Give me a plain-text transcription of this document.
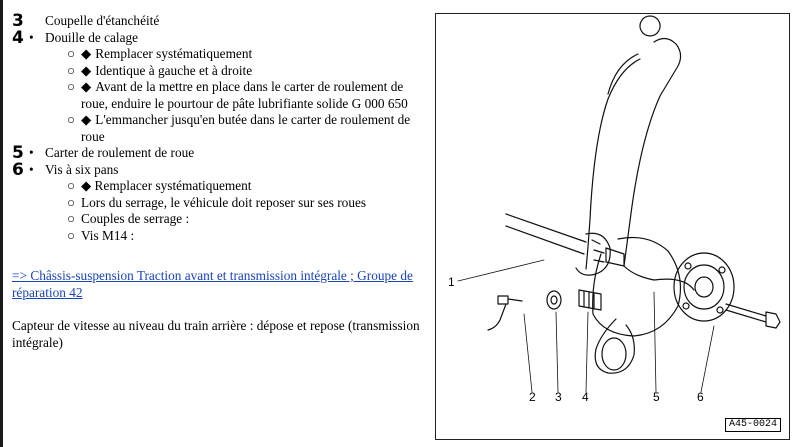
3
 	Coupelle d'étanchéité
4 • Douille de calage
○ ◆ Remplacer systématiquement
○ ◆ Identique à gauche et à droite
○ ◆ Avant de la mettre en place dans le carter de roulement de roue, enduire le pourtour de pâte lubrifiante solide G 000 650
○ ◆ L'emmancher jusqu'en butée dans le carter de roulement de roue
5 • Carter de roulement de roue
6 • Vis à six pans
○ ◆ Remplacer systématiquement
○ Lors du serrage, le véhicule doit reposer sur ses roues
○ Couples de serrage :
○ Vis M14 :
=> Châssis-suspension Traction avant et transmission intégrale ; Groupe de réparation 42
Capteur de vitesse au niveau du train arrière : dépose et repose (transmission intégrale)
1
2 3 4	5	6
A45-0024
